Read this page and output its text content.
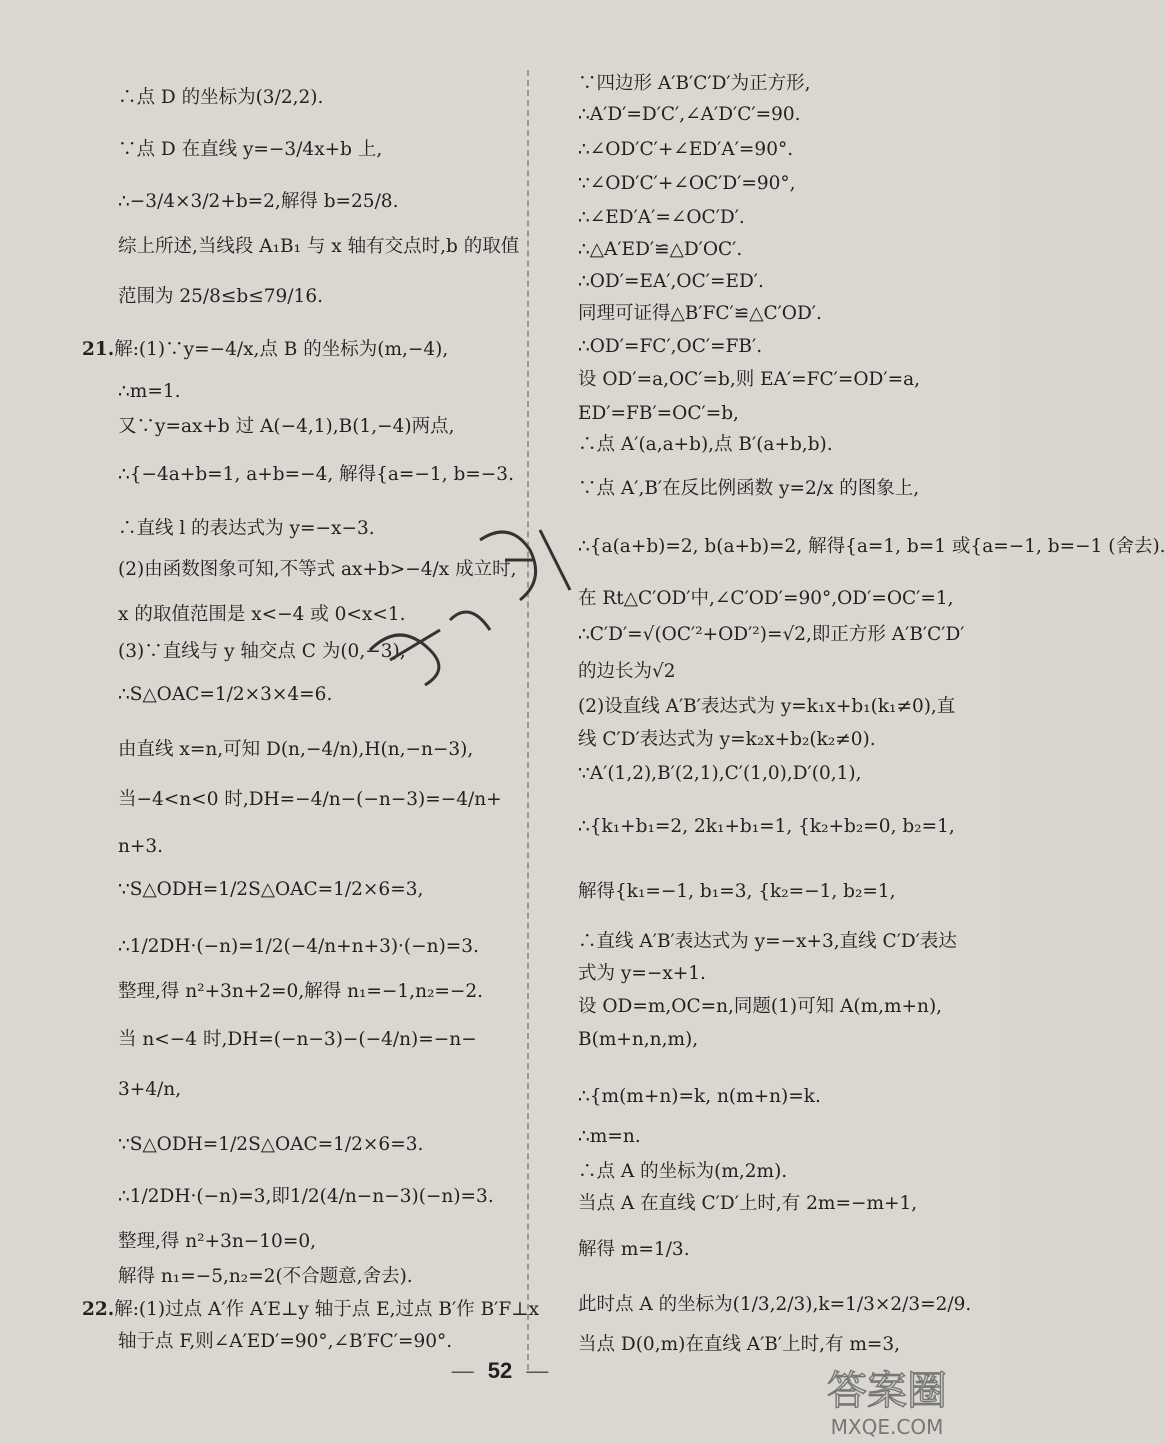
∴点 D 的坐标为(3/2,2).
∵点 D 在直线 y=−3/4x+b 上,
∴−3/4×3/2+b=2,解得 b=25/8.
综上所述,当线段 A₁B₁ 与 x 轴有交点时,b 的取值
范围为 25/8≤b≤79/16.
21.解:(1)∵y=−4/x,点 B 的坐标为(m,−4),
∴m=1.
又∵y=ax+b 过 A(−4,1),B(1,−4)两点,
∴{−4a+b=1, a+b=−4, 解得{a=−1, b=−3.
∴直线 l 的表达式为 y=−x−3.
(2)由函数图象可知,不等式 ax+b>−4/x 成立时,
x 的取值范围是 x<−4 或 0<x<1.
(3)∵直线与 y 轴交点 C 为(0,−3),
∴S△OAC=1/2×3×4=6.
由直线 x=n,可知 D(n,−4/n),H(n,−n−3),
当−4<n<0 时,DH=−4/n−(−n−3)=−4/n+
n+3.
∵S△ODH=1/2S△OAC=1/2×6=3,
∴1/2DH·(−n)=1/2(−4/n+n+3)·(−n)=3.
整理,得 n²+3n+2=0,解得 n₁=−1,n₂=−2.
当 n<−4 时,DH=(−n−3)−(−4/n)=−n−
3+4/n,
∵S△ODH=1/2S△OAC=1/2×6=3.
∴1/2DH·(−n)=3,即1/2(4/n−n−3)(−n)=3.
整理,得 n²+3n−10=0,
解得 n₁=−5,n₂=2(不合题意,舍去).
22.解:(1)过点 A′作 A′E⊥y 轴于点 E,过点 B′作 B′F⊥x
轴于点 F,则∠A′ED′=90°,∠B′FC′=90°.
∵四边形 A′B′C′D′为正方形,
∴A′D′=D′C′,∠A′D′C′=90.
∴∠OD′C′+∠ED′A′=90°.
∵∠OD′C′+∠OC′D′=90°,
∴∠ED′A′=∠OC′D′.
∴△A′ED′≌△D′OC′.
∴OD′=EA′,OC′=ED′.
同理可证得△B′FC′≌△C′OD′.
∴OD′=FC′,OC′=FB′.
设 OD′=a,OC′=b,则 EA′=FC′=OD′=a,
ED′=FB′=OC′=b,
∴点 A′(a,a+b),点 B′(a+b,b).
∵点 A′,B′在反比例函数 y=2/x 的图象上,
∴{a(a+b)=2, b(a+b)=2, 解得{a=1, b=1 或{a=−1, b=−1 (舍去).
在 Rt△C′OD′中,∠C′OD′=90°,OD′=OC′=1,
∴C′D′=√(OC′²+OD′²)=√2,即正方形 A′B′C′D′
的边长为√2
(2)设直线 A′B′表达式为 y=k₁x+b₁(k₁≠0),直
线 C′D′表达式为 y=k₂x+b₂(k₂≠0).
∵A′(1,2),B′(2,1),C′(1,0),D′(0,1),
∴{k₁+b₁=2, 2k₁+b₁=1, {k₂+b₂=0, b₂=1,
解得{k₁=−1, b₁=3, {k₂=−1, b₂=1,
∴直线 A′B′表达式为 y=−x+3,直线 C′D′表达
式为 y=−x+1.
设 OD=m,OC=n,同题(1)可知 A(m,m+n),
B(m+n,n,m),
∴{m(m+n)=k, n(m+n)=k.
∴m=n.
∴点 A 的坐标为(m,2m).
当点 A 在直线 C′D′上时,有 2m=−m+1,
解得 m=1/3.
此时点 A 的坐标为(1/3,2/3),k=1/3×2/3=2/9.
当点 D(0,m)在直线 A′B′上时,有 m=3,
— 52 —	答案圈
MXQE.COM
